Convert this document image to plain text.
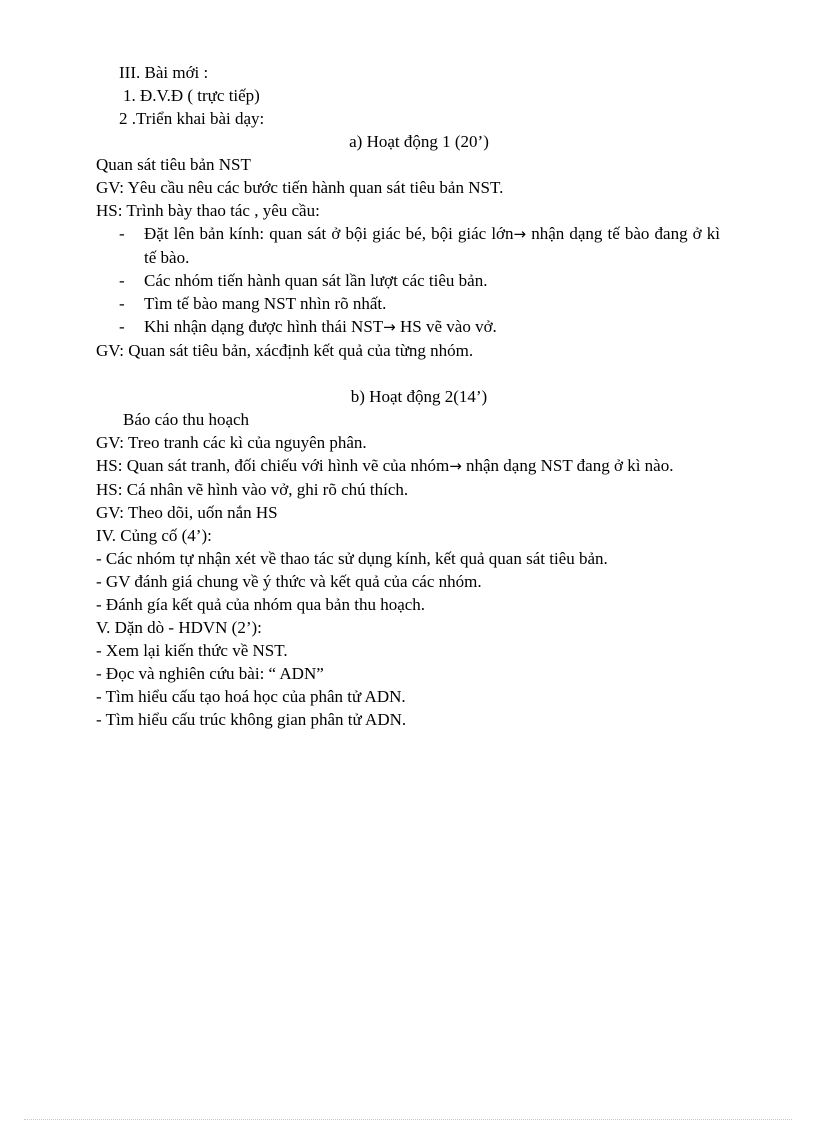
III. Bài mới :

1. Đ.V.Đ ( trực tiếp)

2 .Triển khai bài dạy:

a) Hoạt động 1 (20’)

Quan sát tiêu bản NST

GV: Yêu cầu nêu các bước tiến hành quan sát tiêu bản NST.

HS: Trình bày thao tác , yêu cầu:

- Đặt lên bản kính: quan sát ở bội giác bé, bội giác lớn→ nhận dạng tế bào đang ở kì tế bào.
- Các nhóm tiến hành quan sát lần lượt các tiêu bản.
- Tìm tế bào mang NST nhìn rõ nhất.
- Khi nhận dạng được hình thái NST→ HS vẽ vào vở.

GV: Quan sát tiêu bản, xácđịnh kết quả của từng nhóm.

b) Hoạt động 2(14’)

Báo cáo thu hoạch

GV: Treo tranh các kì của nguyên phân.

HS: Quan sát tranh, đối chiếu với hình vẽ của nhóm→ nhận dạng NST đang ở kì nào.

HS: Cá nhân vẽ hình vào vở, ghi rõ chú thích.

GV: Theo dõi, uốn nắn HS

IV. Củng cố (4’):

- Các nhóm tự nhận xét về thao tác sử dụng kính, kết quả quan sát tiêu bản.

- GV đánh giá chung về ý thức và kết quả của các nhóm.

- Đánh gía kết quả của nhóm qua bản thu hoạch.

V. Dặn dò - HDVN (2’):

- Xem lại kiến thức về NST.

- Đọc và nghiên cứu bài: “ ADN”

- Tìm hiểu cấu tạo hoá học của phân tử ADN.

- Tìm hiểu cấu trúc không gian phân tử ADN.
